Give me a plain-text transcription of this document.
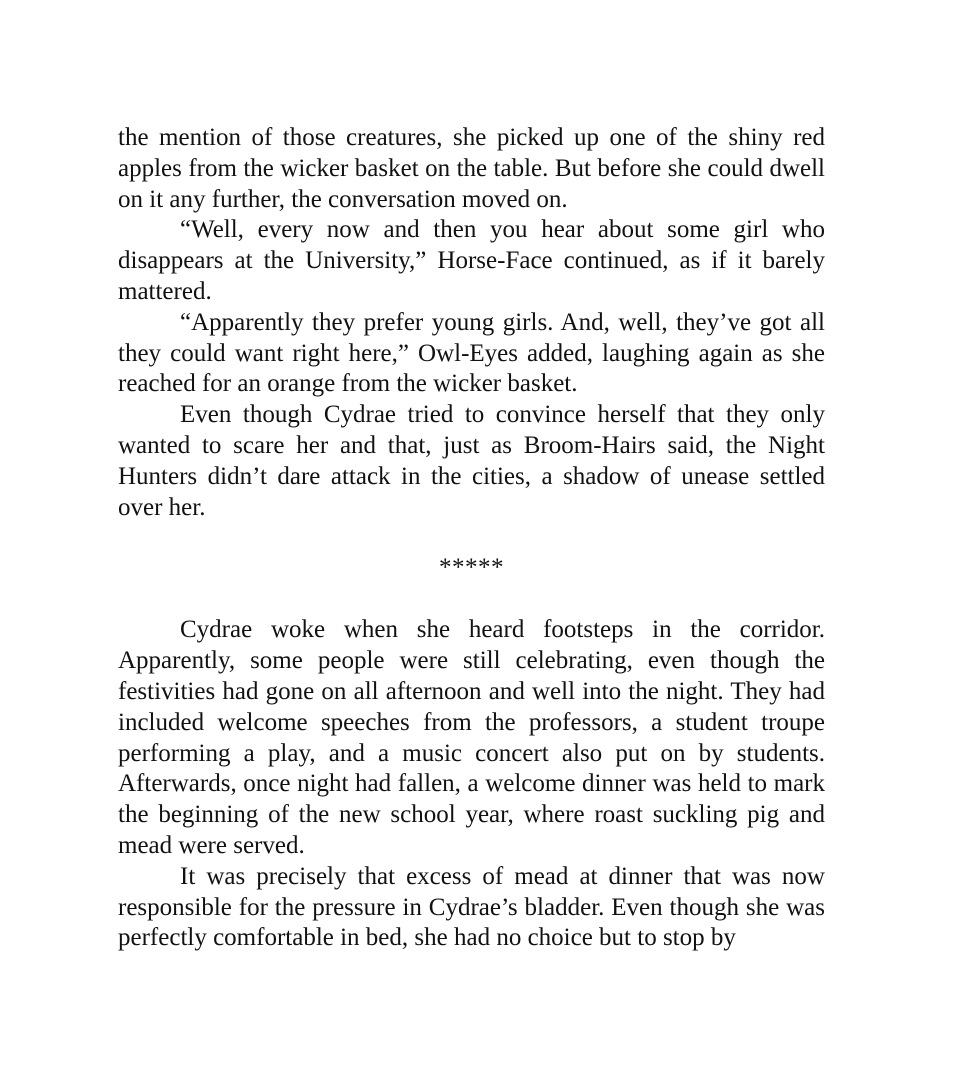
the mention of those creatures, she picked up one of the shiny red apples from the wicker basket on the table. But before she could dwell on it any further, the conversation moved on.

“Well, every now and then you hear about some girl who disappears at the University,” Horse-Face continued, as if it barely mattered.

“Apparently they prefer young girls. And, well, they’ve got all they could want right here,” Owl-Eyes added, laughing again as she reached for an orange from the wicker basket.

Even though Cydrae tried to convince herself that they only wanted to scare her and that, just as Broom-Hairs said, the Night Hunters didn’t dare attack in the cities, a shadow of unease settled over her.

*****

Cydrae woke when she heard footsteps in the corridor. Apparently, some people were still celebrating, even though the festivities had gone on all afternoon and well into the night. They had included welcome speeches from the professors, a student troupe performing a play, and a music concert also put on by students. Afterwards, once night had fallen, a welcome dinner was held to mark the beginning of the new school year, where roast suckling pig and mead were served.

It was precisely that excess of mead at dinner that was now responsible for the pressure in Cydrae’s bladder. Even though she was perfectly comfortable in bed, she had no choice but to stop by
